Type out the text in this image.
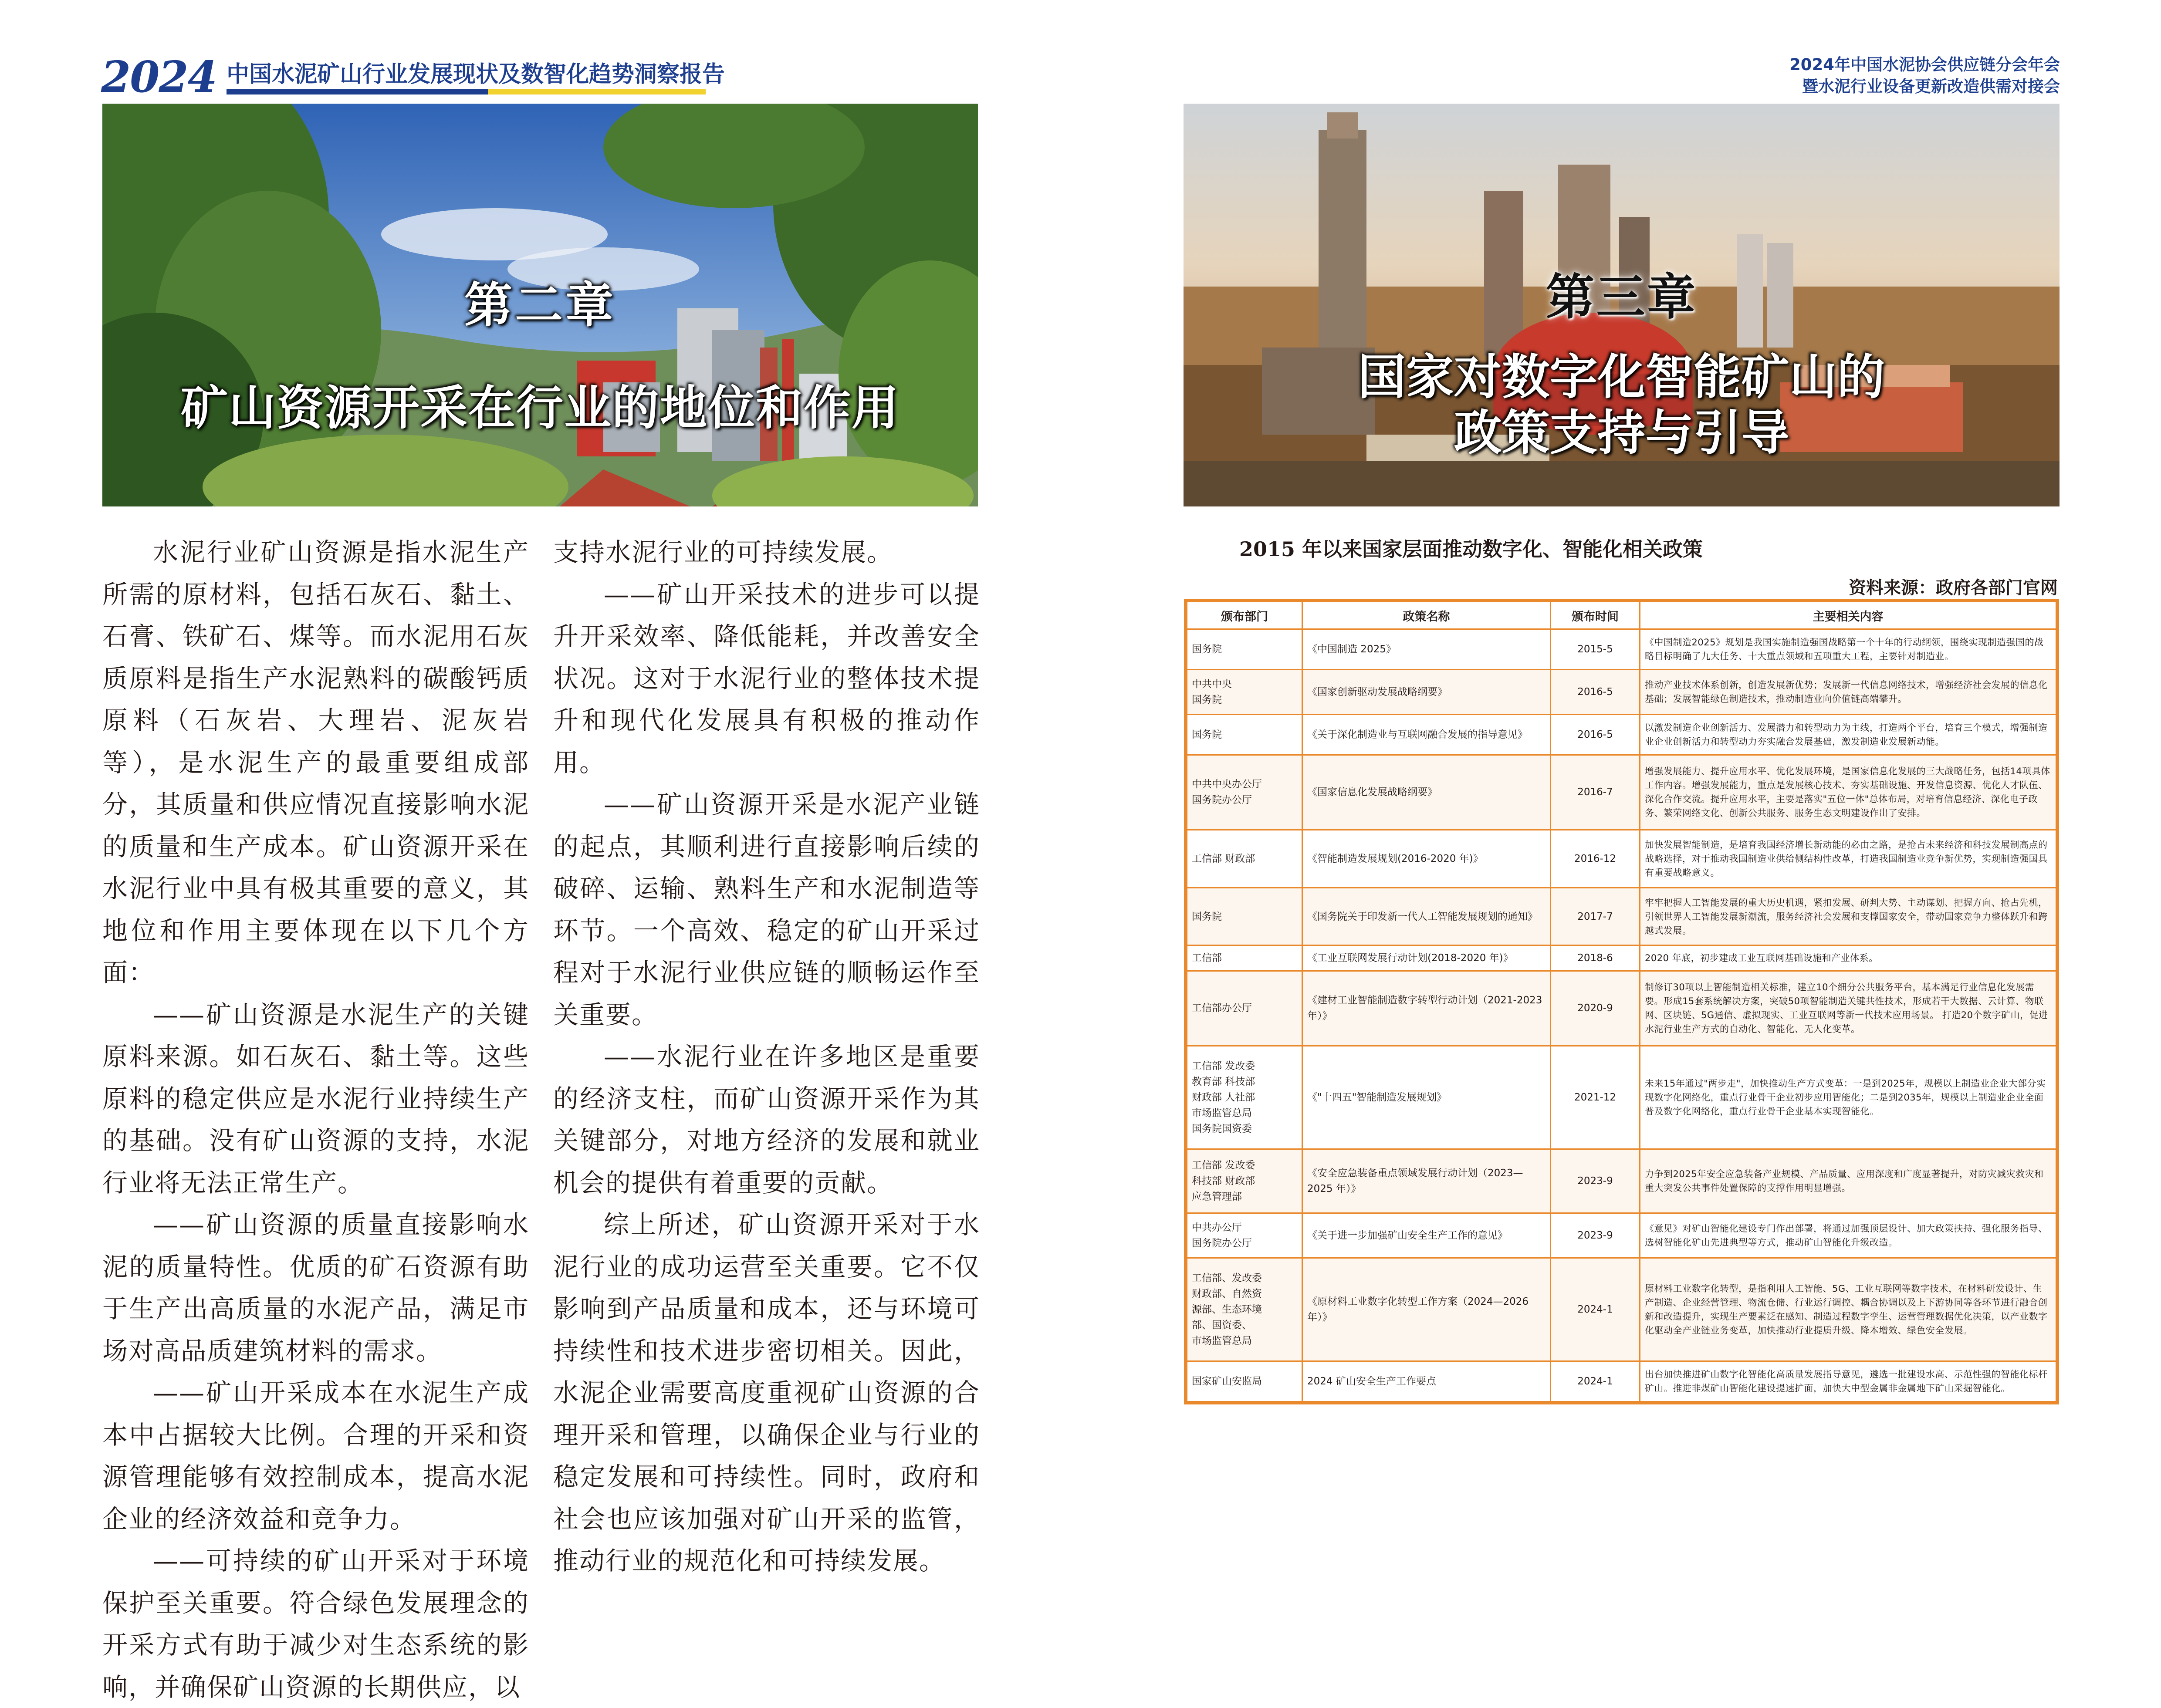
2024 中国水泥矿山行业发展现状及数智化趋势洞察报告	2024年中国水泥协会供应链分会年会
暨水泥行业设备更新改造供需对接会
第二章
矿山资源开采在行业的地位和作用
第三章
国家对数字化智能矿山的
政策支持与引导

水泥行业矿山资源是指水泥生产所需的原材料，包括石灰石、黏土、石膏、铁矿石、煤等。而水泥用石灰质原料是指生产水泥熟料的碳酸钙质原料（石灰岩、大理岩、泥灰岩等），是水泥生产的最重要组成部分，其质量和供应情况直接影响水泥的质量和生产成本。矿山资源开采在水泥行业中具有极其重要的意义，其地位和作用主要体现在以下几个方面：

——矿山资源是水泥生产的关键原料来源。如石灰石、黏土等。这些原料的稳定供应是水泥行业持续生产的基础。没有矿山资源的支持，水泥行业将无法正常生产。

——矿山资源的质量直接影响水泥的质量特性。优质的矿石资源有助于生产出高质量的水泥产品，满足市场对高品质建筑材料的需求。

——矿山开采成本在水泥生产成本中占据较大比例。合理的开采和资源管理能够有效控制成本，提高水泥企业的经济效益和竞争力。

——可持续的矿山开采对于环境保护至关重要。符合绿色发展理念的开采方式有助于减少对生态系统的影响，并确保矿山资源的长期供应，以

支持水泥行业的可持续发展。

——矿山开采技术的进步可以提升开采效率、降低能耗，并改善安全状况。这对于水泥行业的整体技术提升和现代化发展具有积极的推动作用。

——矿山资源开采是水泥产业链的起点，其顺利进行直接影响后续的破碎、运输、熟料生产和水泥制造等环节。一个高效、稳定的矿山开采过程对于水泥行业供应链的顺畅运作至关重要。

——水泥行业在许多地区是重要的经济支柱，而矿山资源开采作为其关键部分，对地方经济的发展和就业机会的提供有着重要的贡献。

综上所述，矿山资源开采对于水泥行业的成功运营至关重要。它不仅影响到产品质量和成本，还与环境可持续性和技术进步密切相关。因此，水泥企业需要高度重视矿山资源的合理开采和管理，以确保企业与行业的稳定发展和可持续性。同时，政府和社会也应该加强对矿山开采的监管，推动行业的规范化和可持续发展。

2015 年以来国家层面推动数字化、智能化相关政策
资料来源：政府各部门官网
颁布部门	政策名称	颁布时间	主要相关内容
国务院	《中国制造 2025》	2015-5	《中国制造2025》规划是我国实施制造强国战略第一个十年的行动纲领，围绕实现制造强国的战略目标明确了九大任务、十大重点领域和五项重大工程，主要针对制造业。
中共中央
国务院	《国家创新驱动发展战略纲要》	2016-5	推动产业技术体系创新，创造发展新优势；发展新一代信息网络技术，增强经济社会发展的信息化基础；发展智能绿色制造技术，推动制造业向价值链高端攀升。
国务院	《关于深化制造业与互联网融合发展的指导意见》	2016-5	以激发制造企业创新活力、发展潜力和转型动力为主线，打造两个平台，培育三个模式，增强制造业企业创新活力和转型动力夯实融合发展基础，激发制造业发展新动能。
中共中央办公厅
国务院办公厅	《国家信息化发展战略纲要》	2016-7	增强发展能力、提升应用水平、优化发展环境，是国家信息化发展的三大战略任务，包括14项具体工作内容。增强发展能力，重点是发展核心技术、夯实基础设施、开发信息资源、优化人才队伍、深化合作交流。提升应用水平，主要是落实"五位一体"总体布局，对培育信息经济、深化电子政务、繁荣网络文化、创新公共服务、服务生态文明建设作出了安排。
工信部 财政部	《智能制造发展规划(2016-2020 年)》	2016-12	加快发展智能制造，是培育我国经济增长新动能的必由之路，是抢占未来经济和科技发展制高点的战略选择，对于推动我国制造业供给侧结构性改革，打造我国制造业竞争新优势，实现制造强国具有重要战略意义。
国务院	《国务院关于印发新一代人工智能发展规划的通知》	2017-7	牢牢把握人工智能发展的重大历史机遇，紧扣发展、研判大势、主动谋划、把握方向、抢占先机，引领世界人工智能发展新潮流，服务经济社会发展和支撑国家安全，带动国家竞争力整体跃升和跨越式发展。
工信部	《工业互联网发展行动计划(2018-2020 年)》	2018-6	2020 年底，初步建成工业互联网基础设施和产业体系。
工信部办公厅	《建材工业智能制造数字转型行动计划（2021-2023 年）》	2020-9	制修订30项以上智能制造相关标准，建立10个细分公共服务平台，基本满足行业信息化发展需要。形成15套系统解决方案，突破50项智能制造关键共性技术，形成若干大数据、云计算、物联网、区块链、5G通信、虚拟现实、工业互联网等新一代技术应用场景。 打造20个数字矿山，促进水泥行业生产方式的自动化、智能化、无人化变革。
工信部 发改委
教育部 科技部
财政部 人社部
市场监管总局
国务院国资委	《"十四五"智能制造发展规划》	2021-12	未来15年通过"两步走"，加快推动生产方式变革：一是到2025年，规模以上制造业企业大部分实现数字化网络化，重点行业骨干企业初步应用智能化；二是到2035年，规模以上制造业企业全面普及数字化网络化，重点行业骨干企业基本实现智能化。
工信部 发改委
科技部 财政部
应急管理部	《安全应急装备重点领域发展行动计划（2023—2025 年）》	2023-9	力争到2025年安全应急装备产业规模、产品质量、应用深度和广度显著提升，对防灾减灾救灾和重大突发公共事件处置保障的支撑作用明显增强。
中共办公厅
国务院办公厅	《关于进一步加强矿山安全生产工作的意见》	2023-9	《意见》对矿山智能化建设专门作出部署，将通过加强顶层设计、加大政策扶持、强化服务指导、选树智能化矿山先进典型等方式，推动矿山智能化升级改造。
工信部、发改委
财政部、自然资
源部、生态环境
部、国资委、
市场监管总局	《原材料工业数字化转型工作方案（2024—2026 年）》	2024-1	原材料工业数字化转型，是指利用人工智能、5G、工业互联网等数字技术，在材料研发设计、生产制造、企业经营管理、物流仓储、行业运行调控、耦合协调以及上下游协同等各环节进行融合创新和改造提升，实现生产要素泛在感知、制造过程数字孪生、运营管理数据优化决策，以产业数字化驱动全产业链业务变革，加快推动行业提质升级、降本增效、绿色安全发展。
国家矿山安监局	2024 矿山安全生产工作要点	2024-1	出台加快推进矿山数字化智能化高质量发展指导意见，遴选一批建设水高、示范性强的智能化标杆矿山。推进非煤矿山智能化建设提速扩面，加快大中型金属非金属地下矿山采掘智能化。
